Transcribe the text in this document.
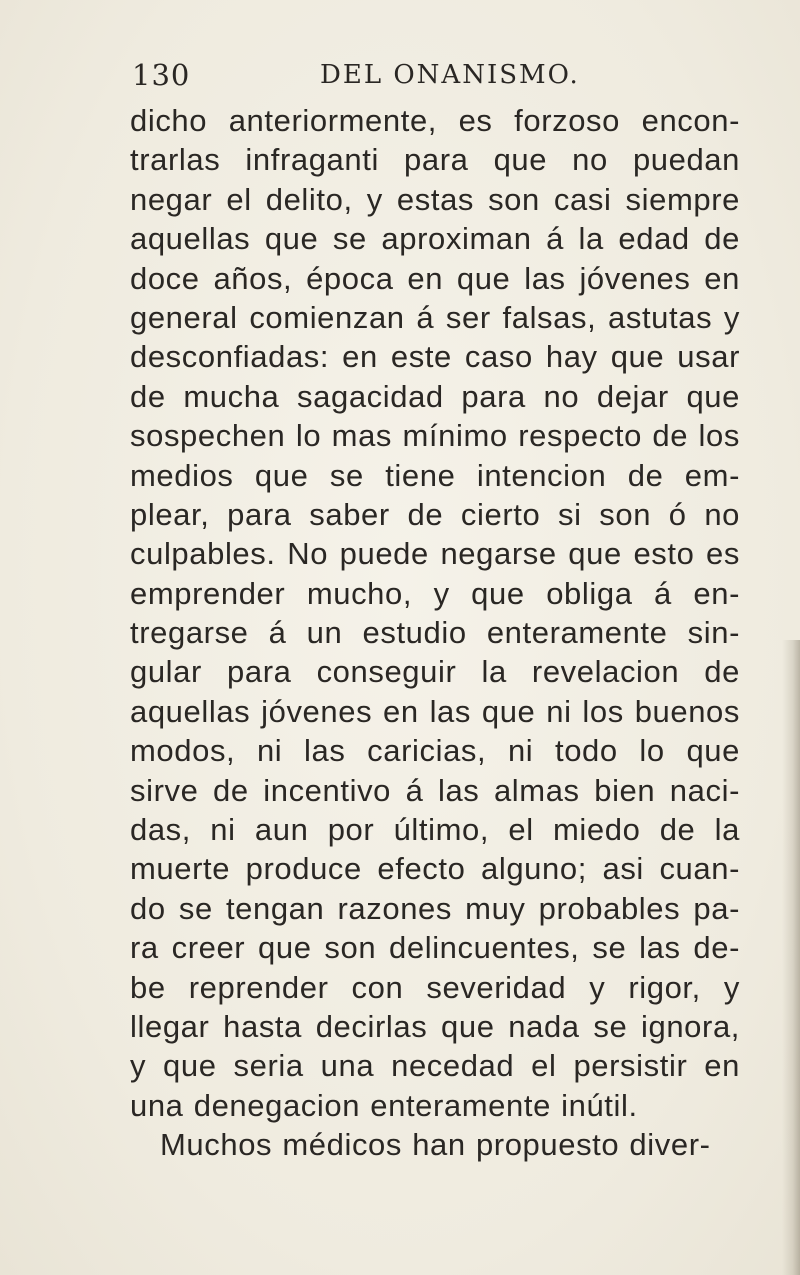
130	DEL ONANISMO.
dicho anteriormente, es forzoso encon-
trarlas infraganti para que no puedan
negar el delito, y estas son casi siempre
aquellas que se aproximan á la edad de
doce años, época en que las jóvenes en
general comienzan á ser falsas, astutas y
desconfiadas: en este caso hay que usar
de mucha sagacidad para no dejar que
sospechen lo mas mínimo respecto de los
medios que se tiene intencion de em-
plear, para saber de cierto si son ó no
culpables. No puede negarse que esto es
emprender mucho, y que obliga á en-
tregarse á un estudio enteramente sin-
gular para conseguir la revelacion de
aquellas jóvenes en las que ni los buenos
modos, ni las caricias, ni todo lo que
sirve de incentivo á las almas bien naci-
das, ni aun por último, el miedo de la
muerte produce efecto alguno; asi cuan-
do se tengan razones muy probables pa-
ra creer que son delincuentes, se las de-
be reprender con severidad y rigor, y
llegar hasta decirlas que nada se ignora,
y que seria una necedad el persistir en
una denegacion enteramente inútil.
Muchos médicos han propuesto diver-
